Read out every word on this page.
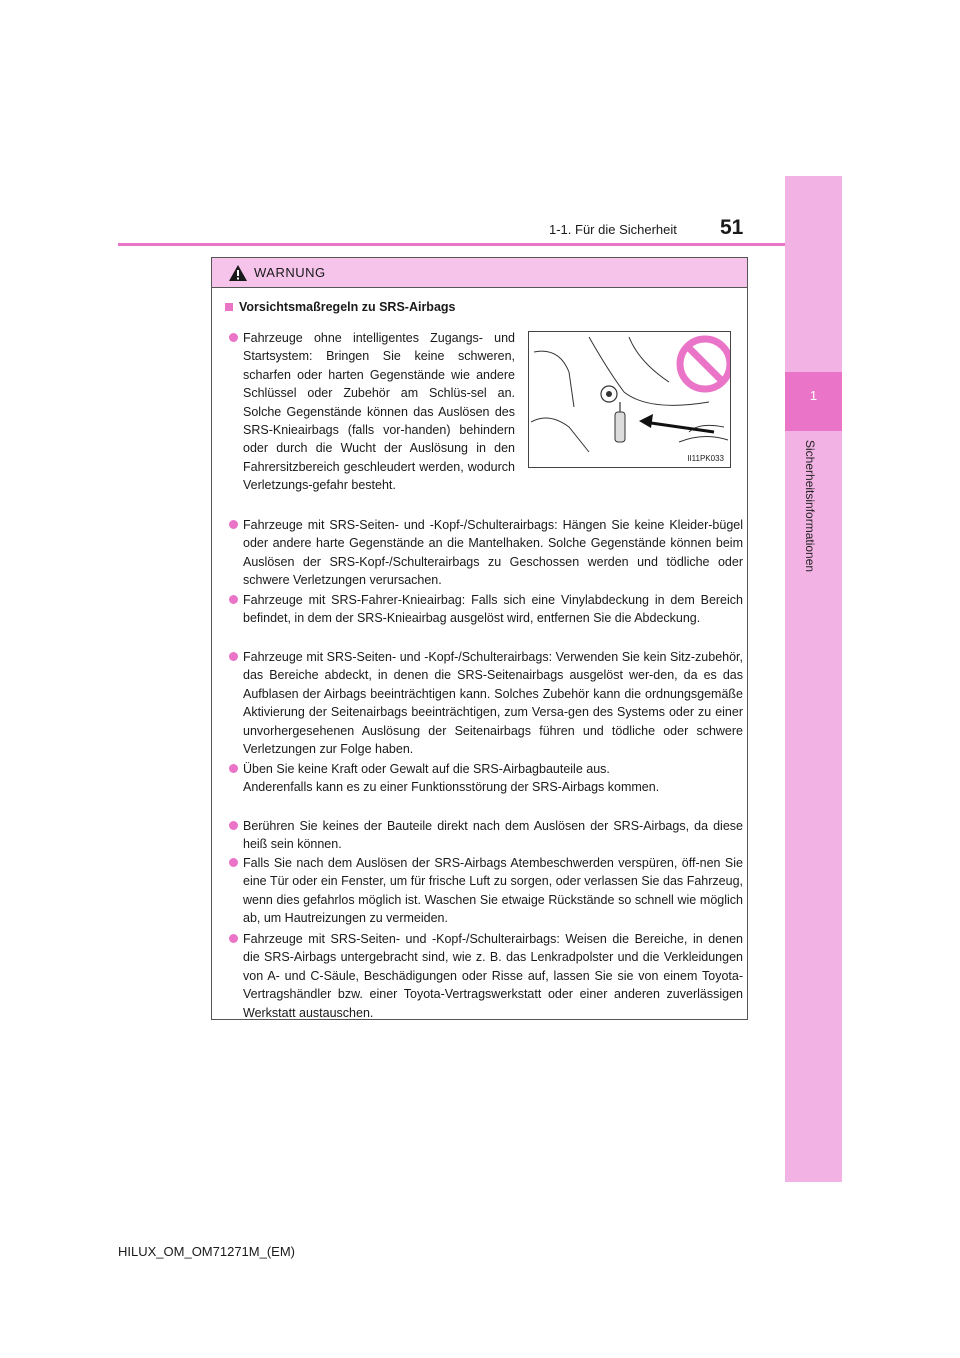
1
Sicherheitsinformationen
51
1-1. Für die Sicherheit
WARNUNG
Vorsichtsmaßregeln zu SRS-Airbags
Fahrzeuge ohne intelligentes Zugangs- und Startsystem: Bringen Sie keine schweren, scharfen oder harten Gegenstände wie andere Schlüssel oder Zubehör am Schlüs-sel an. Solche Gegenstände können das Auslösen des SRS-Knieairbags (falls vor-handen) behindern oder durch die Wucht der Auslösung in den Fahrersitzbereich geschleudert werden, wodurch Verletzungs-gefahr besteht.
II11PK033
Fahrzeuge mit SRS-Seiten- und -Kopf-/Schulterairbags: Hängen Sie keine Kleider-bügel oder andere harte Gegenstände an die Mantelhaken. Solche Gegenstände können beim Auslösen der SRS-Kopf-/Schulterairbags zu Geschossen werden und tödliche oder schwere Verletzungen verursachen.
Fahrzeuge mit SRS-Fahrer-Knieairbag: Falls sich eine Vinylabdeckung in dem Bereich befindet, in dem der SRS-Knieairbag ausgelöst wird, entfernen Sie die Abdeckung.
Fahrzeuge mit SRS-Seiten- und -Kopf-/Schulterairbags: Verwenden Sie kein Sitz-zubehör, das Bereiche abdeckt, in denen die SRS-Seitenairbags ausgelöst wer-den, da es das Aufblasen der Airbags beeinträchtigen kann. Solches Zubehör kann die ordnungsgemäße Aktivierung der Seitenairbags beeinträchtigen, zum Versa-gen des Systems oder zu einer unvorhergesehenen Auslösung der Seitenairbags führen und tödliche oder schwere Verletzungen zur Folge haben.
Üben Sie keine Kraft oder Gewalt auf die SRS-Airbagbauteile aus.
Anderenfalls kann es zu einer Funktionsstörung der SRS-Airbags kommen.
Berühren Sie keines der Bauteile direkt nach dem Auslösen der SRS-Airbags, da diese heiß sein können.
Falls Sie nach dem Auslösen der SRS-Airbags Atembeschwerden verspüren, öff-nen Sie eine Tür oder ein Fenster, um für frische Luft zu sorgen, oder verlassen Sie das Fahrzeug, wenn dies gefahrlos möglich ist. Waschen Sie etwaige Rückstände so schnell wie möglich ab, um Hautreizungen zu vermeiden.
Fahrzeuge mit SRS-Seiten- und -Kopf-/Schulterairbags: Weisen die Bereiche, in denen die SRS-Airbags untergebracht sind, wie z. B. das Lenkradpolster und die Verkleidungen von A- und C-Säule, Beschädigungen oder Risse auf, lassen Sie sie von einem Toyota-Vertragshändler bzw. einer Toyota-Vertragswerkstatt oder einer anderen zuverlässigen Werkstatt austauschen.
HILUX_OM_OM71271M_(EM)
